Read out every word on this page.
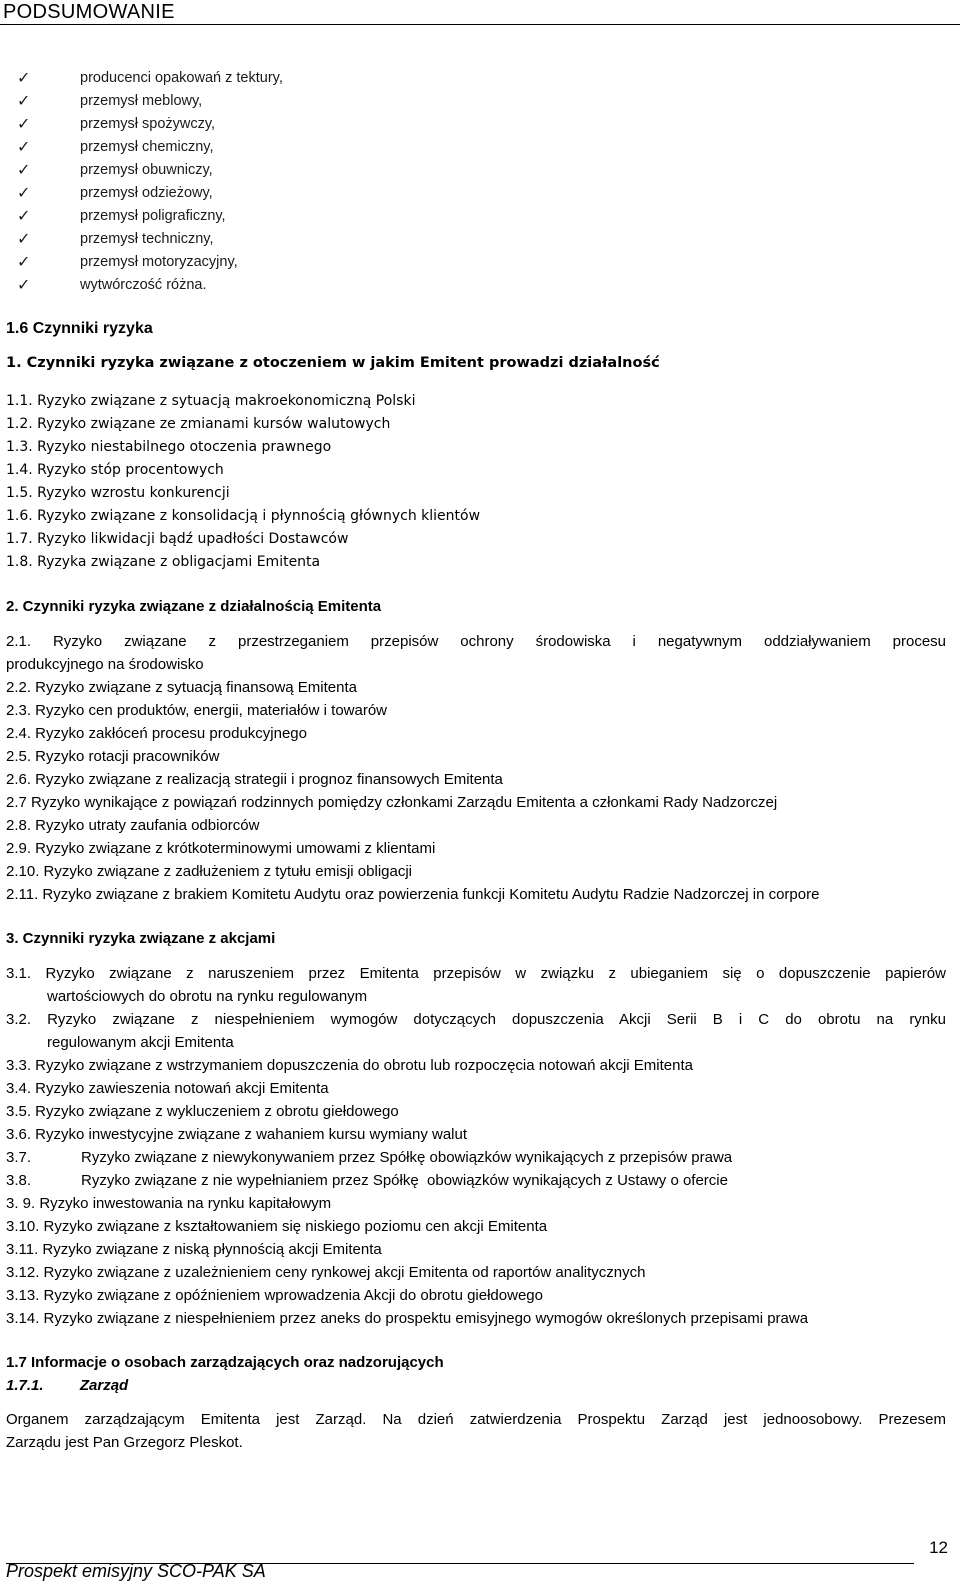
PODSUMOWANIE
✓	producenci opakowań z tektury,
✓	przemysł meblowy,
✓	przemysł spożywczy,
✓	przemysł chemiczny,
✓	przemysł obuwniczy,
✓	przemysł odzieżowy,
✓	przemysł poligraficzny,
✓	przemysł techniczny,
✓	przemysł motoryzacyjny,
✓	wytwórczość różna.
1.6 Czynniki ryzyka
1. Czynniki ryzyka związane z otoczeniem w jakim Emitent prowadzi działalność
1.1. Ryzyko związane z sytuacją makroekonomiczną Polski
1.2. Ryzyko związane ze zmianami kursów walutowych
1.3. Ryzyko niestabilnego otoczenia prawnego
1.4. Ryzyko stóp procentowych
1.5. Ryzyko wzrostu konkurencji
1.6. Ryzyko związane z konsolidacją i płynnością głównych klientów
1.7. Ryzyko likwidacji bądź upadłości Dostawców
1.8. Ryzyka związane z obligacjami Emitenta
2. Czynniki ryzyka związane z działalnością Emitenta
2.1. Ryzyko związane z przestrzeganiem przepisów ochrony środowiska i negatywnym oddziaływaniem procesu
produkcyjnego na środowisko
2.2. Ryzyko związane z sytuacją finansową Emitenta
2.3. Ryzyko cen produktów, energii, materiałów i towarów
2.4. Ryzyko zakłóceń procesu produkcyjnego
2.5. Ryzyko rotacji pracowników
2.6. Ryzyko związane z realizacją strategii i prognoz finansowych Emitenta
2.7 Ryzyko wynikające z powiązań rodzinnych pomiędzy członkami Zarządu Emitenta a członkami Rady Nadzorczej
2.8. Ryzyko utraty zaufania odbiorców
2.9. Ryzyko związane z krótkoterminowymi umowami z klientami
2.10. Ryzyko związane z zadłużeniem z tytułu emisji obligacji
2.11. Ryzyko związane z brakiem Komitetu Audytu oraz powierzenia funkcji Komitetu Audytu Radzie Nadzorczej in corpore
3. Czynniki ryzyka związane z akcjami
3.1. Ryzyko związane z naruszeniem przez Emitenta przepisów w związku z ubieganiem się o dopuszczenie papierów
wartościowych do obrotu na rynku regulowanym
3.2. Ryzyko związane z niespełnieniem wymogów dotyczących dopuszczenia Akcji Serii B i C do obrotu na rynku
regulowanym akcji Emitenta
3.3. Ryzyko związane z wstrzymaniem dopuszczenia do obrotu lub rozpoczęcia notowań akcji Emitenta
3.4. Ryzyko zawieszenia notowań akcji Emitenta
3.5. Ryzyko związane z wykluczeniem z obrotu giełdowego
3.6. Ryzyko inwestycyjne związane z wahaniem kursu wymiany walut
3.7.            Ryzyko związane z niewykonywaniem przez Spółkę obowiązków wynikających z przepisów prawa
3.8.            Ryzyko związane z nie wypełnianiem przez Spółkę  obowiązków wynikających z Ustawy o ofercie
3. 9. Ryzyko inwestowania na rynku kapitałowym
3.10. Ryzyko związane z kształtowaniem się niskiego poziomu cen akcji Emitenta
3.11. Ryzyko związane z niską płynnością akcji Emitenta
3.12. Ryzyko związane z uzależnieniem ceny rynkowej akcji Emitenta od raportów analitycznych
3.13. Ryzyko związane z opóźnieniem wprowadzenia Akcji do obrotu giełdowego
3.14. Ryzyko związane z niespełnieniem przez aneks do prospektu emisyjnego wymogów określonych przepisami prawa
1.7 Informacje o osobach zarządzających oraz nadzorujących
1.7.1. Zarząd
Organem zarządzającym Emitenta jest Zarząd. Na dzień zatwierdzenia Prospektu Zarząd jest jednoosobowy. Prezesem
Zarządu jest Pan Grzegorz Pleskot.
12
Prospekt emisyjny SCO-PAK SA
